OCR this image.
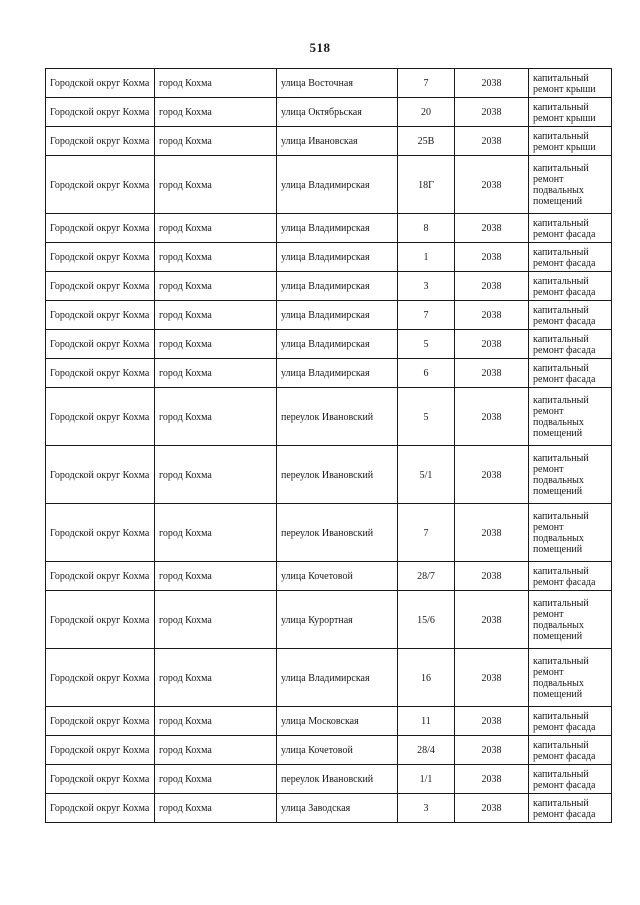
518
Городской округ Кохма	город Кохма	улица Восточная	7	2038	капитальный ремонт крыши
Городской округ Кохма	город Кохма	улица Октябрьская	20	2038	капитальный ремонт крыши
Городской округ Кохма	город Кохма	улица Ивановская	25В	2038	капитальный ремонт крыши
Городской округ Кохма	город Кохма	улица Владимирская	18Г	2038	капитальный ремонт подвальных помещений
Городской округ Кохма	город Кохма	улица Владимирская	8	2038	капитальный ремонт фасада
Городской округ Кохма	город Кохма	улица Владимирская	1	2038	капитальный ремонт фасада
Городской округ Кохма	город Кохма	улица Владимирская	3	2038	капитальный ремонт фасада
Городской округ Кохма	город Кохма	улица Владимирская	7	2038	капитальный ремонт фасада
Городской округ Кохма	город Кохма	улица Владимирская	5	2038	капитальный ремонт фасада
Городской округ Кохма	город Кохма	улица Владимирская	6	2038	капитальный ремонт фасада
Городской округ Кохма	город Кохма	переулок Ивановский	5	2038	капитальный ремонт подвальных помещений
Городской округ Кохма	город Кохма	переулок Ивановский	5/1	2038	капитальный ремонт подвальных помещений
Городской округ Кохма	город Кохма	переулок Ивановский	7	2038	капитальный ремонт подвальных помещений
Городской округ Кохма	город Кохма	улица Кочетовой	28/7	2038	капитальный ремонт фасада
Городской округ Кохма	город Кохма	улица Курортная	15/6	2038	капитальный ремонт подвальных помещений
Городской округ Кохма	город Кохма	улица Владимирская	16	2038	капитальный ремонт подвальных помещений
Городской округ Кохма	город Кохма	улица Московская	11	2038	капитальный ремонт фасада
Городской округ Кохма	город Кохма	улица Кочетовой	28/4	2038	капитальный ремонт фасада
Городской округ Кохма	город Кохма	переулок Ивановский	1/1	2038	капитальный ремонт фасада
Городской округ Кохма	город Кохма	улица Заводская	3	2038	капитальный ремонт фасада
